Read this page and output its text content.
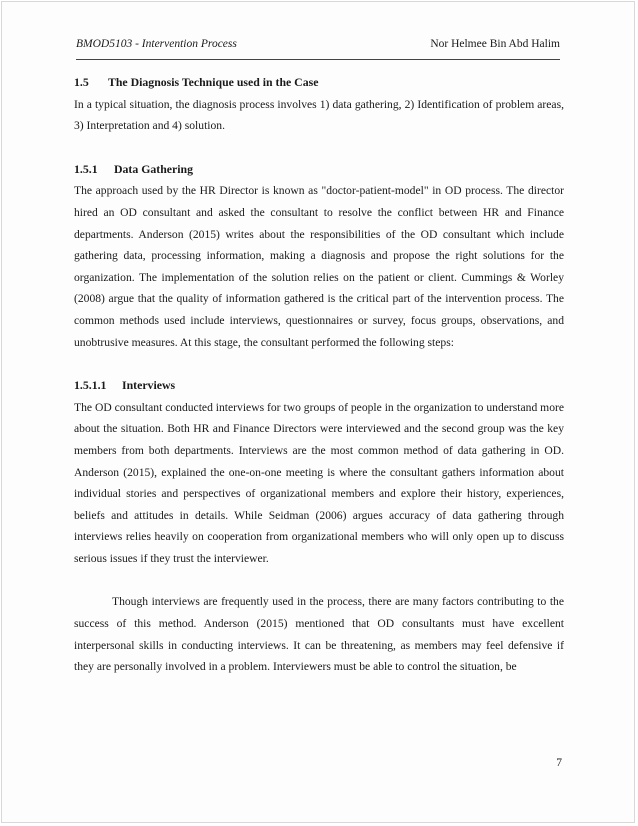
BMOD5103 - Intervention Process	Nor Helmee Bin Abd Halim

1.5 The Diagnosis Technique used in the Case

In a typical situation, the diagnosis process involves 1) data gathering, 2) Identification of problem areas, 3) Interpretation and 4) solution.

1.5.1 Data Gathering

The approach used by the HR Director is known as "doctor-patient-model" in OD process. The director hired an OD consultant and asked the consultant to resolve the conflict between HR and Finance departments. Anderson (2015) writes about the responsibilities of the OD consultant which include gathering data, processing information, making a diagnosis and propose the right solutions for the organization. The implementation of the solution relies on the patient or client. Cummings & Worley (2008) argue that the quality of information gathered is the critical part of the intervention process. The common methods used include interviews, questionnaires or survey, focus groups, observations, and unobtrusive measures. At this stage, the consultant performed the following steps:

1.5.1.1 Interviews

The OD consultant conducted interviews for two groups of people in the organization to understand more about the situation. Both HR and Finance Directors were interviewed and the second group was the key members from both departments. Interviews are the most common method of data gathering in OD. Anderson (2015), explained the one-on-one meeting is where the consultant gathers information about individual stories and perspectives of organizational members and explore their history, experiences, beliefs and attitudes in details. While Seidman (2006) argues accuracy of data gathering through interviews relies heavily on cooperation from organizational members who will only open up to discuss serious issues if they trust the interviewer.

Though interviews are frequently used in the process, there are many factors contributing to the success of this method. Anderson (2015) mentioned that OD consultants must have excellent interpersonal skills in conducting interviews. It can be threatening, as members may feel defensive if they are personally involved in a problem. Interviewers must be able to control the situation, be

7
